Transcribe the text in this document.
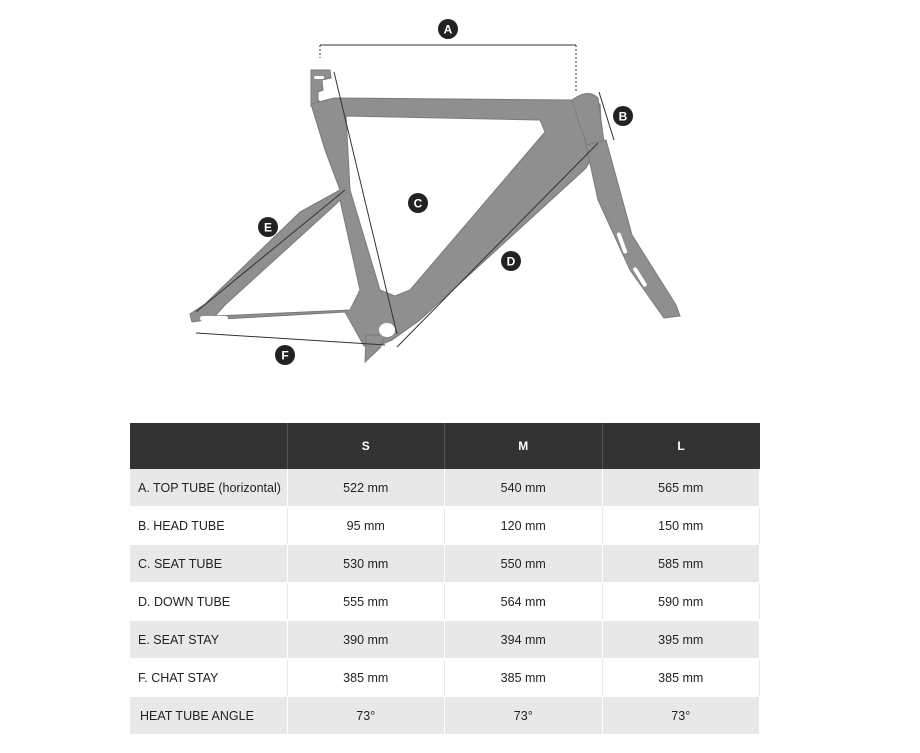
A
B
C
D
E
F
	S	M	L
A. TOP TUBE (horizontal)	522 mm	540 mm	565 mm
B. HEAD TUBE	95 mm	120 mm	150 mm
C. SEAT TUBE	530 mm	550 mm	585 mm
D. DOWN TUBE	555 mm	564 mm	590 mm
E. SEAT STAY	390 mm	394 mm	395 mm
F. CHAT STAY	385 mm	385 mm	385 mm
HEAT TUBE ANGLE	73°	73°	73°
